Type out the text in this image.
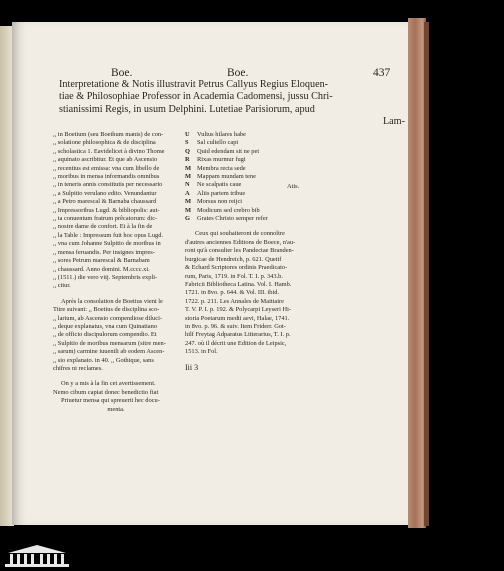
Boe.	Boe.	437
Interpretatione & Notis illustravit Petrus Callyus Regius Eloquen-
tiae & Philosophiae Professor in Academia Cadomensi, jussu Chri-
stianissimi Regis, in usum Delphini. Lutetiae Parisiorum, apud
Lam-
,, in Boetium (seu Boethum manis) de con-
,, solatione philosophica & de disciplina
,, scholastica 1. Eavidelicet à divino Thome
,, aquinato ascribitur. Et que ab Ascensio
,, recentius est emissa: vna cum libello de
,, moribus in mensa informandis omnibus
,, in teneris annis constitutis per necessario
,, a Sulpitio verulano edito. Venundantur
,, a Petro marescal & Barnaba chaussard
,, Impressoribus Lugd. & bibliopolis: aut-
,, ta conuentum fratrum prêcatorum: dic-
,, nostre dame de confort. Et à la fin de
,, la Table : Impressum fuit hoc opus Lugd.
,, vna cum Johanne Sulpitio de moribus in
,, mensa feruandis. Per insignes impres-
,, sores Petrum marescal & Barnabam
,, chaussard. Anno domini. M.cccc.xi.
,, (1511.) die vero viij. Septembris expli-
,, citur.
Après la consolation de Boetius vient le
Titre suivant: ,, Boetius de disciplina sco-
,, larium, ab Ascensio compendiose dilucī-
,, deque explanatus, vna cum Quinatiano
,, de officio discipulorum compendio. Et
,, Sulpitio de moribus mensarum (sitre men-
,, sarum) carmine iuuenili ab eodem Ascen-
,, sio explanato. in 40. ,, Gothique, sans
chifres ni reclames.
On y a mis à la fin cet avertissement.
Nemo cibum capiat donec benedictio fiat
Priuetur mensa qui spreuerit hec docu-
menta.
U Vultus hilares habe
S Sal cultello capi
Q Quid edendam sit ne pet
R Rixas murmur fugi
M Membra recta sede
M Mappam mundam tene
N Ne scalpatis caue
A Aliis partem tribue
M Morsus non reijci
M Modicum sed crebro bib
G Grates Christo semper refer
Ceux qui souhaiteront de connoître
d'autres anciennes Editions de Boece, n'au-
ront qu'à consulter les Pandectae Branden-
burgicae de Hendreich, p. 621. Quetif
& Echard Scriptores ordinis Praedicato-
rum, Paris, 1719. in Fol. T. I. p. 343.b.
Fabricii Bibliotheca Latina. Vol. I. Hamb.
1721. in 8vo. p. 644. & Vol. III. ibid.
1722. p. 211. Les Annales de Maittaire
T. V. P. I. p. 192. & Polycarpi Leyseri Hi-
storia Poetarum medii aevi, Halae, 1741.
in 8vo. p. 96. & suiv. Item Friderr. Got-
hilf Freytag Adparatus Litterarius, T. I. p.
247. où il décrit une Edition de Leipsic,
1513. in Fol.
Iii 3
Atis.
